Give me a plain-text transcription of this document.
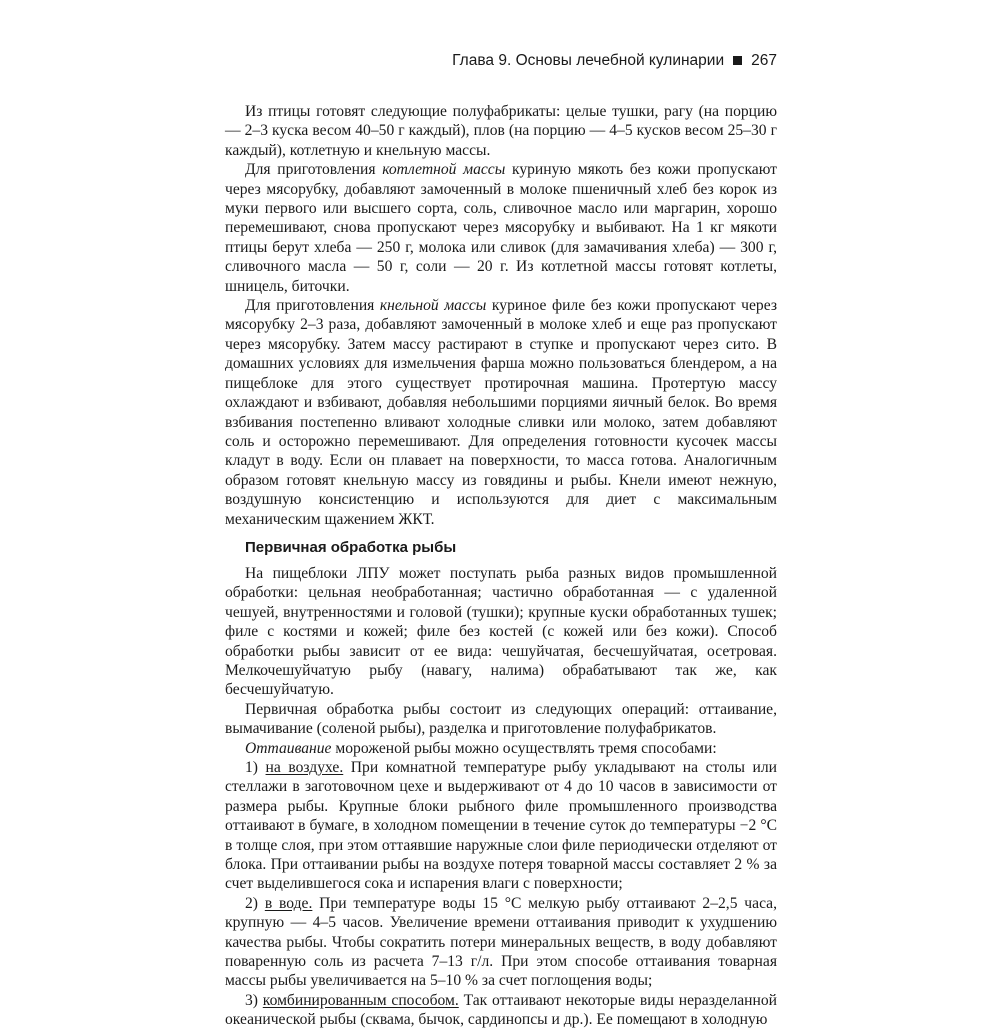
Глава 9. Основы лечебной кулинарии 267

Из птицы готовят следующие полуфабрикаты: целые тушки, рагу (на порцию — 2–3 куска весом 40–50 г каждый), плов (на порцию — 4–5 кусков весом 25–30 г каждый), котлетную и кнельную массы.

Для приготовления котлетной массы куриную мякоть без кожи пропускают через мясорубку, добавляют замоченный в молоке пшеничный хлеб без корок из муки первого или высшего сорта, соль, сливочное масло или маргарин, хорошо перемешивают, снова пропускают через мясорубку и выбивают. На 1 кг мякоти птицы берут хлеба — 250 г, молока или сливок (для замачивания хлеба) — 300 г, сливочного масла — 50 г, соли — 20 г. Из котлетной массы готовят котлеты, шницель, биточки.

Для приготовления кнельной массы куриное филе без кожи пропускают через мясорубку 2–3 раза, добавляют замоченный в молоке хлеб и еще раз пропускают через мясорубку. Затем массу растирают в ступке и пропускают через сито. В домашних условиях для измельчения фарша можно пользоваться блендером, а на пищеблоке для этого существует протирочная машина. Протертую массу охлаждают и взбивают, добавляя небольшими порциями яичный белок. Во время взбивания постепенно вливают холодные сливки или молоко, затем добавляют соль и осторожно перемешивают. Для определения готовности кусочек массы кладут в воду. Если он плавает на поверхности, то масса готова. Аналогичным образом готовят кнельную массу из говядины и рыбы. Кнели имеют нежную, воздушную консистенцию и используются для диет с максимальным механическим щажением ЖКТ.

Первичная обработка рыбы

На пищеблоки ЛПУ может поступать рыба разных видов промышленной обработки: цельная необработанная; частично обработанная — с удаленной чешуей, внутренностями и головой (тушки); крупные куски обработанных тушек; филе с костями и кожей; филе без костей (с кожей или без кожи). Способ обработки рыбы зависит от ее вида: чешуйчатая, бесчешуйчатая, осетровая. Мелкочешуйчатую рыбу (навагу, налима) обрабатывают так же, как бесчешуйчатую.

Первичная обработка рыбы состоит из следующих операций: оттаивание, вымачивание (соленой рыбы), разделка и приготовление полуфабрикатов.

Оттаивание мороженой рыбы можно осуществлять тремя способами:

1) на воздухе. При комнатной температуре рыбу укладывают на столы или стеллажи в заготовочном цехе и выдерживают от 4 до 10 часов в зависимости от размера рыбы. Крупные блоки рыбного филе промышленного производства оттаивают в бумаге, в холодном помещении в течение суток до температуры −2 °С в толще слоя, при этом оттаявшие наружные слои филе периодически отделяют от блока. При оттаивании рыбы на воздухе потеря товарной массы составляет 2 % за счет выделившегося сока и испарения влаги с поверхности;

2) в воде. При температуре воды 15 °С мелкую рыбу оттаивают 2–2,5 часа, крупную — 4–5 часов. Увеличение времени оттаивания приводит к ухудшению качества рыбы. Чтобы сократить потери минеральных веществ, в воду добавляют поваренную соль из расчета 7–13 г/л. При этом способе оттаивания товарная массы рыбы увеличивается на 5–10 % за счет поглощения воды;

3) комбинированным способом. Так оттаивают некоторые виды неразделанной океанической рыбы (сквама, бычок, сардинопсы и др.). Ее помещают в холодную
